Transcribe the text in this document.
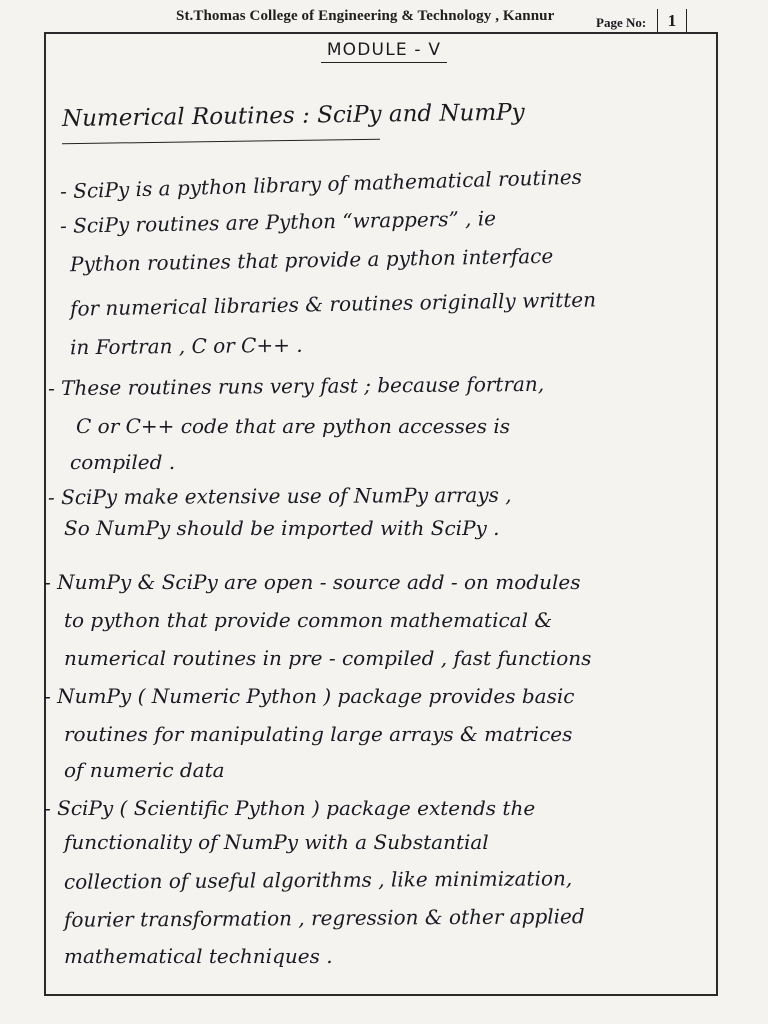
St.Thomas College of Engineering & Technology , Kannur	Page No:	1
MODULE - V
Numerical Routines : SciPy and NumPy
- SciPy is a python library of mathematical routines
- SciPy routines are Python “wrappers” , ie
Python routines that provide a python interface
for numerical libraries & routines originally written
in Fortran , C or C++ .
- These routines runs very fast ; because fortran,
C or C++ code that are python accesses is
compiled .
- SciPy make extensive use of NumPy arrays ,
So NumPy should be imported with SciPy .
- NumPy & SciPy are open - source add - on modules
to python that provide common mathematical &
numerical routines in pre - compiled , fast functions
- NumPy ( Numeric Python ) package provides basic
routines for manipulating large arrays & matrices
of numeric data
- SciPy ( Scientific Python ) package extends the
functionality of NumPy with a Substantial
collection of useful algorithms , like minimization,
fourier transformation , regression & other applied
mathematical techniques .
